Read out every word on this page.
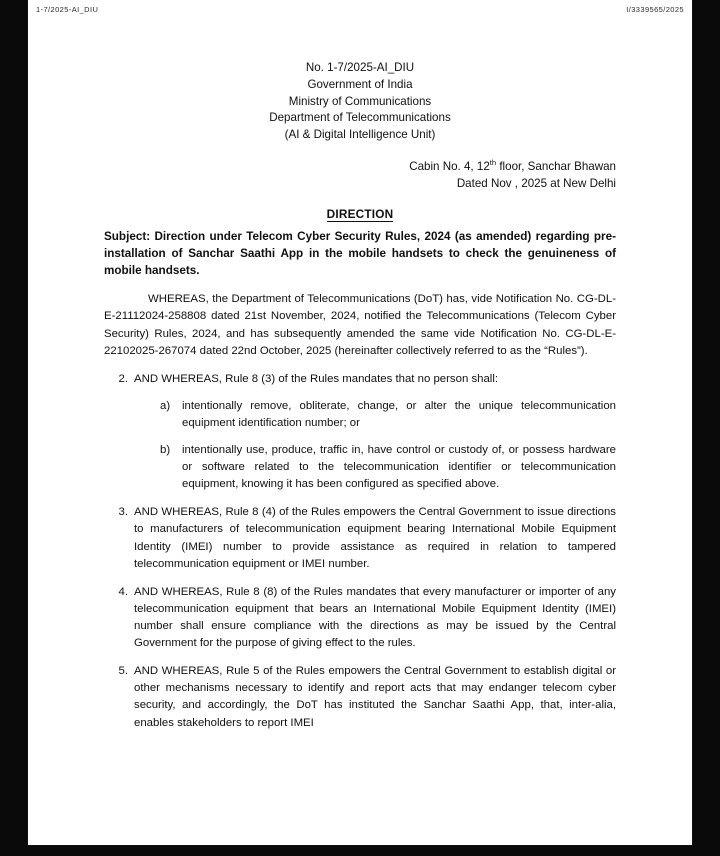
1-7/2025-AI_DIU	I/3339565/2025
No. 1-7/2025-AI_DIU
Government of India
Ministry of Communications
Department of Telecommunications
(AI & Digital Intelligence Unit)
Cabin No. 4, 12th floor, Sanchar Bhawan
Dated Nov , 2025 at New Delhi
DIRECTION
Subject: Direction under Telecom Cyber Security Rules, 2024 (as amended) regarding pre-installation of Sanchar Saathi App in the mobile handsets to check the genuineness of mobile handsets.
WHEREAS, the Department of Telecommunications (DoT) has, vide Notification No. CG-DL-E-21112024-258808 dated 21st November, 2024, notified the Telecommunications (Telecom Cyber Security) Rules, 2024, and has subsequently amended the same vide Notification No. CG-DL-E-22102025-267074 dated 22nd October, 2025 (hereinafter collectively referred to as the “Rules”).
2. AND WHEREAS, Rule 8 (3) of the Rules mandates that no person shall:
a)	intentionally remove, obliterate, change, or alter the unique telecommunication equipment identification number; or
b)	intentionally use, produce, traffic in, have control or custody of, or possess hardware or software related to the telecommunication identifier or telecommunication equipment, knowing it has been configured as specified above.
3. AND WHEREAS, Rule 8 (4) of the Rules empowers the Central Government to issue directions to manufacturers of telecommunication equipment bearing International Mobile Equipment Identity (IMEI) number to provide assistance as required in relation to tampered telecommunication equipment or IMEI number.
4. AND WHEREAS, Rule 8 (8) of the Rules mandates that every manufacturer or importer of any telecommunication equipment that bears an International Mobile Equipment Identity (IMEI) number shall ensure compliance with the directions as may be issued by the Central Government for the purpose of giving effect to the rules.
5. AND WHEREAS, Rule 5 of the Rules empowers the Central Government to establish digital or other mechanisms necessary to identify and report acts that may endanger telecom cyber security, and accordingly, the DoT has instituted the Sanchar Saathi App, that, inter-alia, enables stakeholders to report IMEI
